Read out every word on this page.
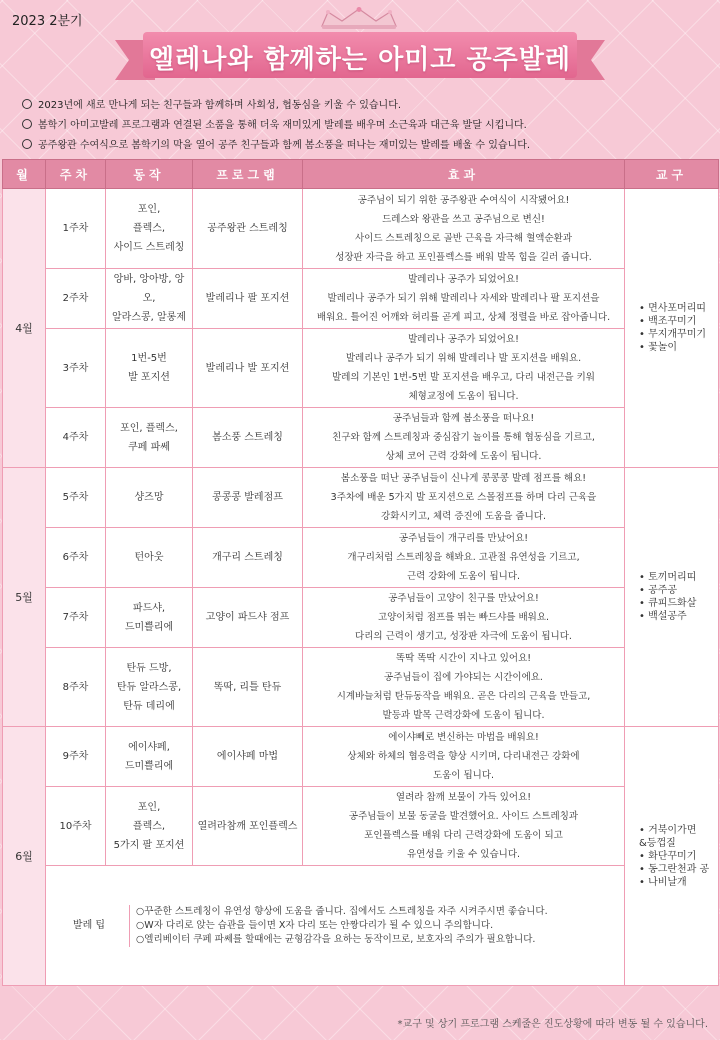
2023 2분기
엘레나와 함께하는 아미고 공주발레
2023년에 새로 만나게 되는 친구들과 함께하며 사회성, 협동심을 키울 수 있습니다.
봄학기 아미고발레 프로그램과 연결된 소품을 통해 더욱 재미있게 발레를 배우며 소근육과 대근육 발달 시킵니다.
공주왕관 수여식으로 봄학기의 막을 열어 공주 친구들과 함께 봄소풍을 떠나는 재미있는 발레를 배울 수 있습니다.
월	주차	동작	프로그램	효과	교구
4월	1주차	포인,
플렉스,
사이드 스트레칭	공주왕관 스트레칭	공주님이 되기 위한 공주왕관 수여식이 시작됐어요!
드레스와 왕관을 쓰고 공주님으로 변신!
사이드 스트레칭으로 골반 근육을 자극해 혈액순환과
성장판 자극을 하고 포인플렉스를 배워 발목 힘을 길러 줍니다.	• 면사포머리띠
• 백조꾸미기
• 무지개꾸미기
• 꽃놀이

	2주차	앙바, 앙아방, 앙오,
알라스콩, 알롱제	발레리나 팔 포지션	발레리나 공주가 되었어요!
발레리나 공주가 되기 위해 발레리나 자세와 발레리나 팔 포지션을
배워요. 틀어진 어깨와 허리를 곧게 피고, 상체 정렬을 바로 잡아줍니다.	
	3주차	1번-5번
발 포지션	발레리나 발 포지션	발레리나 공주가 되었어요!
발레리나 공주가 되기 위해 발레리나 발 포지션을 배워요.
발레의 기본인 1번-5번 발 포지션을 배우고, 다리 내전근을 키워
체형교정에 도움이 됩니다.	
	4주차	포인, 플렉스,
쿠페 파쎄	봄소풍 스트레칭	공주님들과 함께 봄소풍을 떠나요!
친구와 함께 스트레칭과 중심잡기 놀이를 통해 협동심을 기르고,
상체 코어 근력 강화에 도움이 됩니다.	
5월	5주차	샹즈망	콩콩콩 발레점프	봄소풍을 떠난 공주님들이 신나게 콩콩콩 발레 점프를 해요!
3주차에 배운 5가지 발 포지션으로 스몰점프를 하며 다리 근육을
강화시키고, 체력 증진에 도움을 줍니다.	• 토끼머리띠
• 공주공
• 큐피드화살
• 백설공주

	6주차	턴아웃	개구리 스트레칭	공주님들이 개구리를 만났어요!
개구리처럼 스트레칭을 해봐요. 고관절 유연성을 기르고,
근력 강화에 도움이 됩니다.	
	7주차	파드샤,
드미쁠리에	고양이 파드샤 점프	공주님들이 고양이 친구를 만났어요!
고양이처럼 점프를 뛰는 빠드샤를 배워요.
다리의 근력이 생기고, 성장판 자극에 도움이 됩니다.	
	8주차	탄듀 드방,
탄듀 알라스콩,
탄듀 데리에	똑딱, 리틀 탄듀	똑딱 똑딱 시간이 지나고 있어요!
공주님들이 집에 가야되는 시간이에요.
시계바늘처럼 탄듀동작을 배워요. 곧은 다리의 근육을 만들고,
발등과 발목 근력강화에 도움이 됩니다.	
6월	9주차	에이샤페,
드미쁠리에	에이샤페 마법	에이샤뻬로 변신하는 마법을 배워요!
상체와 하체의 협응력을 향상 시키며, 다리내전근 강화에
도움이 됩니다.	• 거북이가면
&등껍질
• 화단꾸미기
• 동그란천과 공
• 나비날개

	10주차	포인,
플렉스,
5가지 팔 포지션	열려라참깨 포인플렉스	열려라 참깨 보물이 가득 있어요!
공주님들이 보물 동굴을 발견했어요. 사이드 스트레칭과
포인플렉스를 배워 다리 근력강화에 도움이 되고
유연성을 키울 수 있습니다.	

	발레 팁
○꾸준한 스트레칭이 유연성 향상에 도움을 줍니다. 집에서도 스트레칭을 자주 시켜주시면 좋습니다.
○W자 다리로 앉는 습관을 들이면 X자 다리 또는 안짱다리가 될 수 있으니 주의합니다.
○엘리베이터 쿠페 파쎄를 할때에는 균형감각을 요하는 동작이므로, 보호자의 주의가 필요합니다.				
*교구 및 상기 프로그램 스케줄은 진도상황에 따라 변동 될 수 있습니다.
